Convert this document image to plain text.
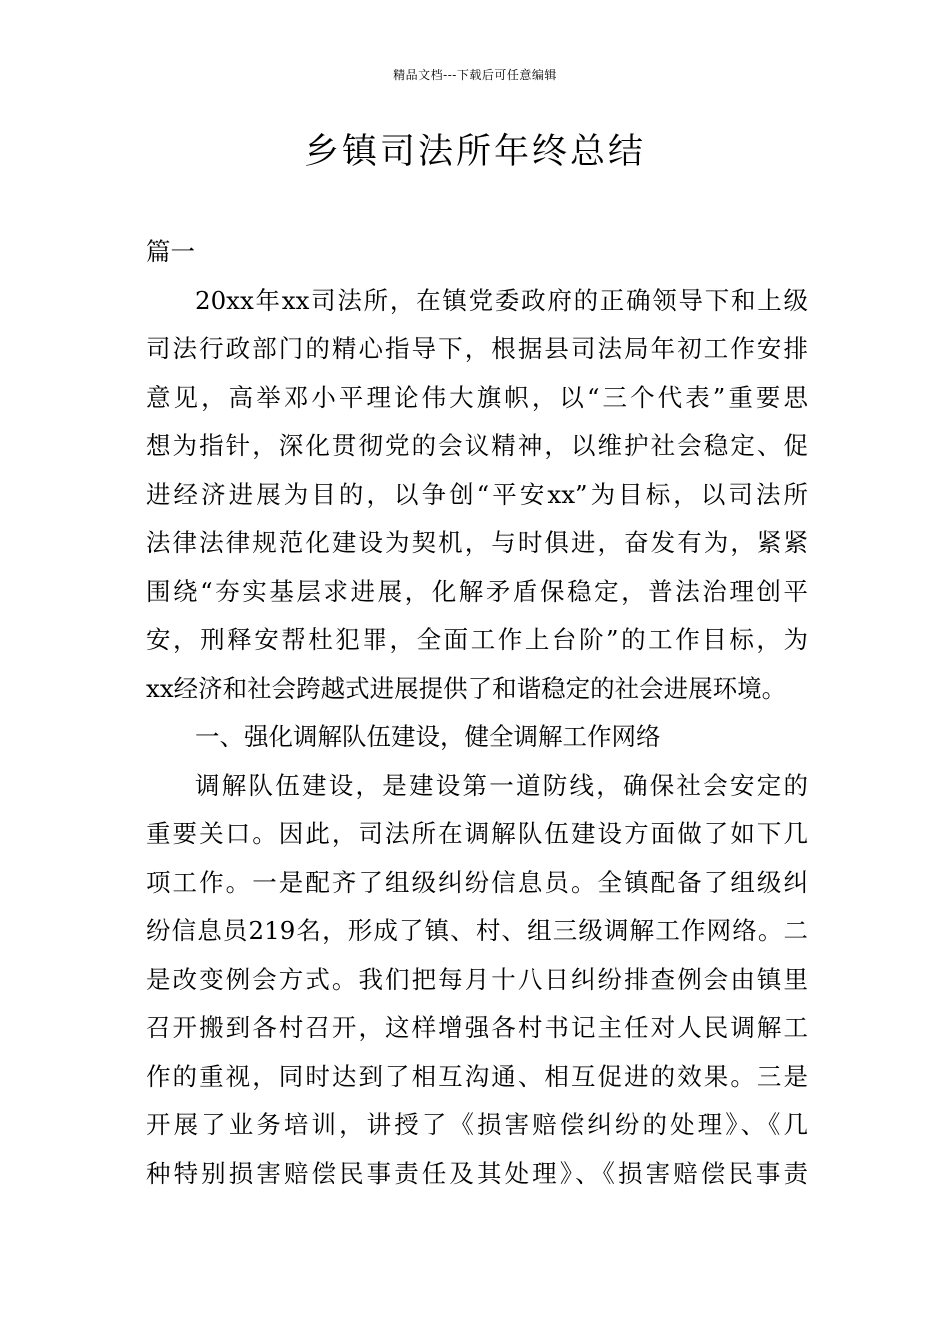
精品文档---下载后可任意编辑
乡镇司法所年终总结
篇一
20xx年xx司法所，在镇党委政府的正确领导下和上级
司法行政部门的精心指导下，根据县司法局年初工作安排
意见，高举邓小平理论伟大旗帜，以“三个代表”重要思
想为指针，深化贯彻党的会议精神，以维护社会稳定、促
进经济进展为目的，以争创“平安xx”为目标，以司法所
法律法律规范化建设为契机，与时俱进，奋发有为，紧紧
围绕“夯实基层求进展，化解矛盾保稳定，普法治理创平
安，刑释安帮杜犯罪，全面工作上台阶”的工作目标，为
xx经济和社会跨越式进展提供了和谐稳定的社会进展环境。
一、强化调解队伍建设，健全调解工作网络
调解队伍建设，是建设第一道防线，确保社会安定的
重要关口。因此，司法所在调解队伍建设方面做了如下几
项工作。一是配齐了组级纠纷信息员。全镇配备了组级纠
纷信息员219名，形成了镇、村、组三级调解工作网络。二
是改变例会方式。我们把每月十八日纠纷排查例会由镇里
召开搬到各村召开，这样增强各村书记主任对人民调解工
作的重视，同时达到了相互沟通、相互促进的效果。三是
开展了业务培训，讲授了《损害赔偿纠纷的处理》、《几
种特别损害赔偿民事责任及其处理》、《损害赔偿民事责
